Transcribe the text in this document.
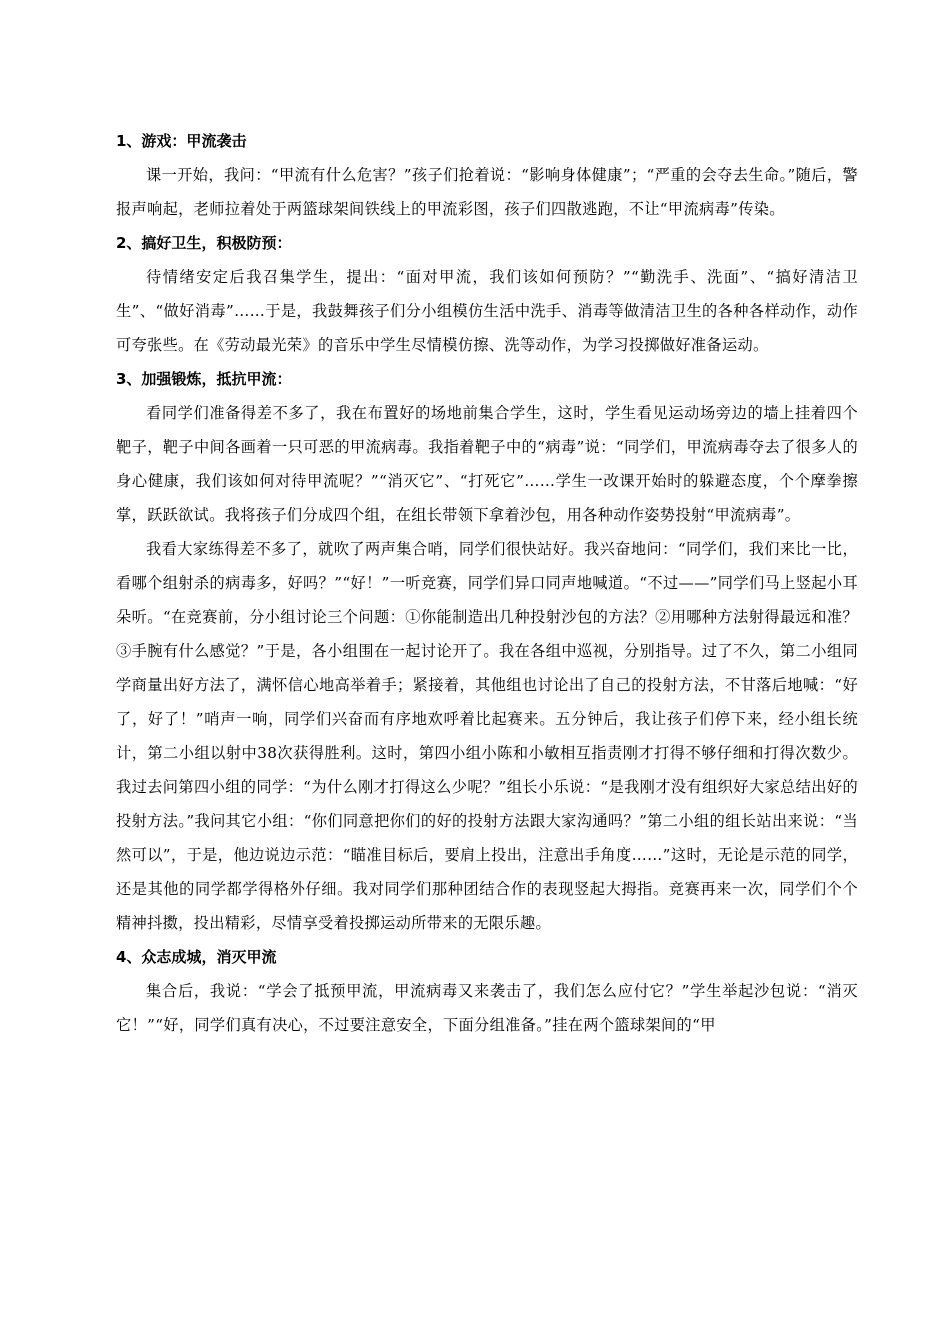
1、游戏：甲流袭击

课一开始，我问：“甲流有什么危害？”孩子们抢着说：“影响身体健康”；“严重的会夺去生命。”随后，警报声响起，老师拉着处于两篮球架间铁线上的甲流彩图，孩子们四散逃跑，不让“甲流病毒”传染。

2、搞好卫生，积极防预：

待情绪安定后我召集学生，提出：“面对甲流，我们该如何预防？”“勤洗手、洗面”、“搞好清洁卫生”、“做好消毒”……于是，我鼓舞孩子们分小组模仿生活中洗手、消毒等做清洁卫生的各种各样动作，动作可夸张些。在《劳动最光荣》的音乐中学生尽情模仿擦、洗等动作，为学习投掷做好准备运动。

3、加强锻炼，抵抗甲流：

看同学们准备得差不多了，我在布置好的场地前集合学生，这时，学生看见运动场旁边的墙上挂着四个靶子，靶子中间各画着一只可恶的甲流病毒。我指着靶子中的“病毒”说：“同学们，甲流病毒夺去了很多人的身心健康，我们该如何对待甲流呢？”“消灭它”、“打死它”……学生一改课开始时的躲避态度，个个摩拳擦掌，跃跃欲试。我将孩子们分成四个组，在组长带领下拿着沙包，用各种动作姿势投射“甲流病毒”。

我看大家练得差不多了，就吹了两声集合哨，同学们很快站好。我兴奋地问：“同学们，我们来比一比，看哪个组射杀的病毒多，好吗？”“好！”一听竞赛，同学们异口同声地喊道。“不过——”同学们马上竖起小耳朵听。“在竞赛前，分小组讨论三个问题：①你能制造出几种投射沙包的方法？②用哪种方法射得最远和准？③手腕有什么感觉？”于是，各小组围在一起讨论开了。我在各组中巡视，分别指导。过了不久，第二小组同学商量出好方法了，满怀信心地高举着手；紧接着，其他组也讨论出了自己的投射方法，不甘落后地喊：“好了，好了！”哨声一响，同学们兴奋而有序地欢呼着比起赛来。五分钟后，我让孩子们停下来，经小组长统计，第二小组以射中38次获得胜利。这时，第四小组小陈和小敏相互指责刚才打得不够仔细和打得次数少。我过去问第四小组的同学：“为什么刚才打得这么少呢？”组长小乐说：“是我刚才没有组织好大家总结出好的投射方法。”我问其它小组：“你们同意把你们的好的投射方法跟大家沟通吗？”第二小组的组长站出来说：“当然可以”，于是，他边说边示范：“瞄准目标后，要肩上投出，注意出手角度……”这时，无论是示范的同学，还是其他的同学都学得格外仔细。我对同学们那种团结合作的表现竖起大拇指。竞赛再来一次，同学们个个精神抖擞，投出精彩，尽情享受着投掷运动所带来的无限乐趣。

4、众志成城，消灭甲流

集合后，我说：“学会了抵预甲流，甲流病毒又来袭击了，我们怎么应付它？”学生举起沙包说：“消灭它！”“好，同学们真有决心，不过要注意安全，下面分组准备。”挂在两个篮球架间的“甲
